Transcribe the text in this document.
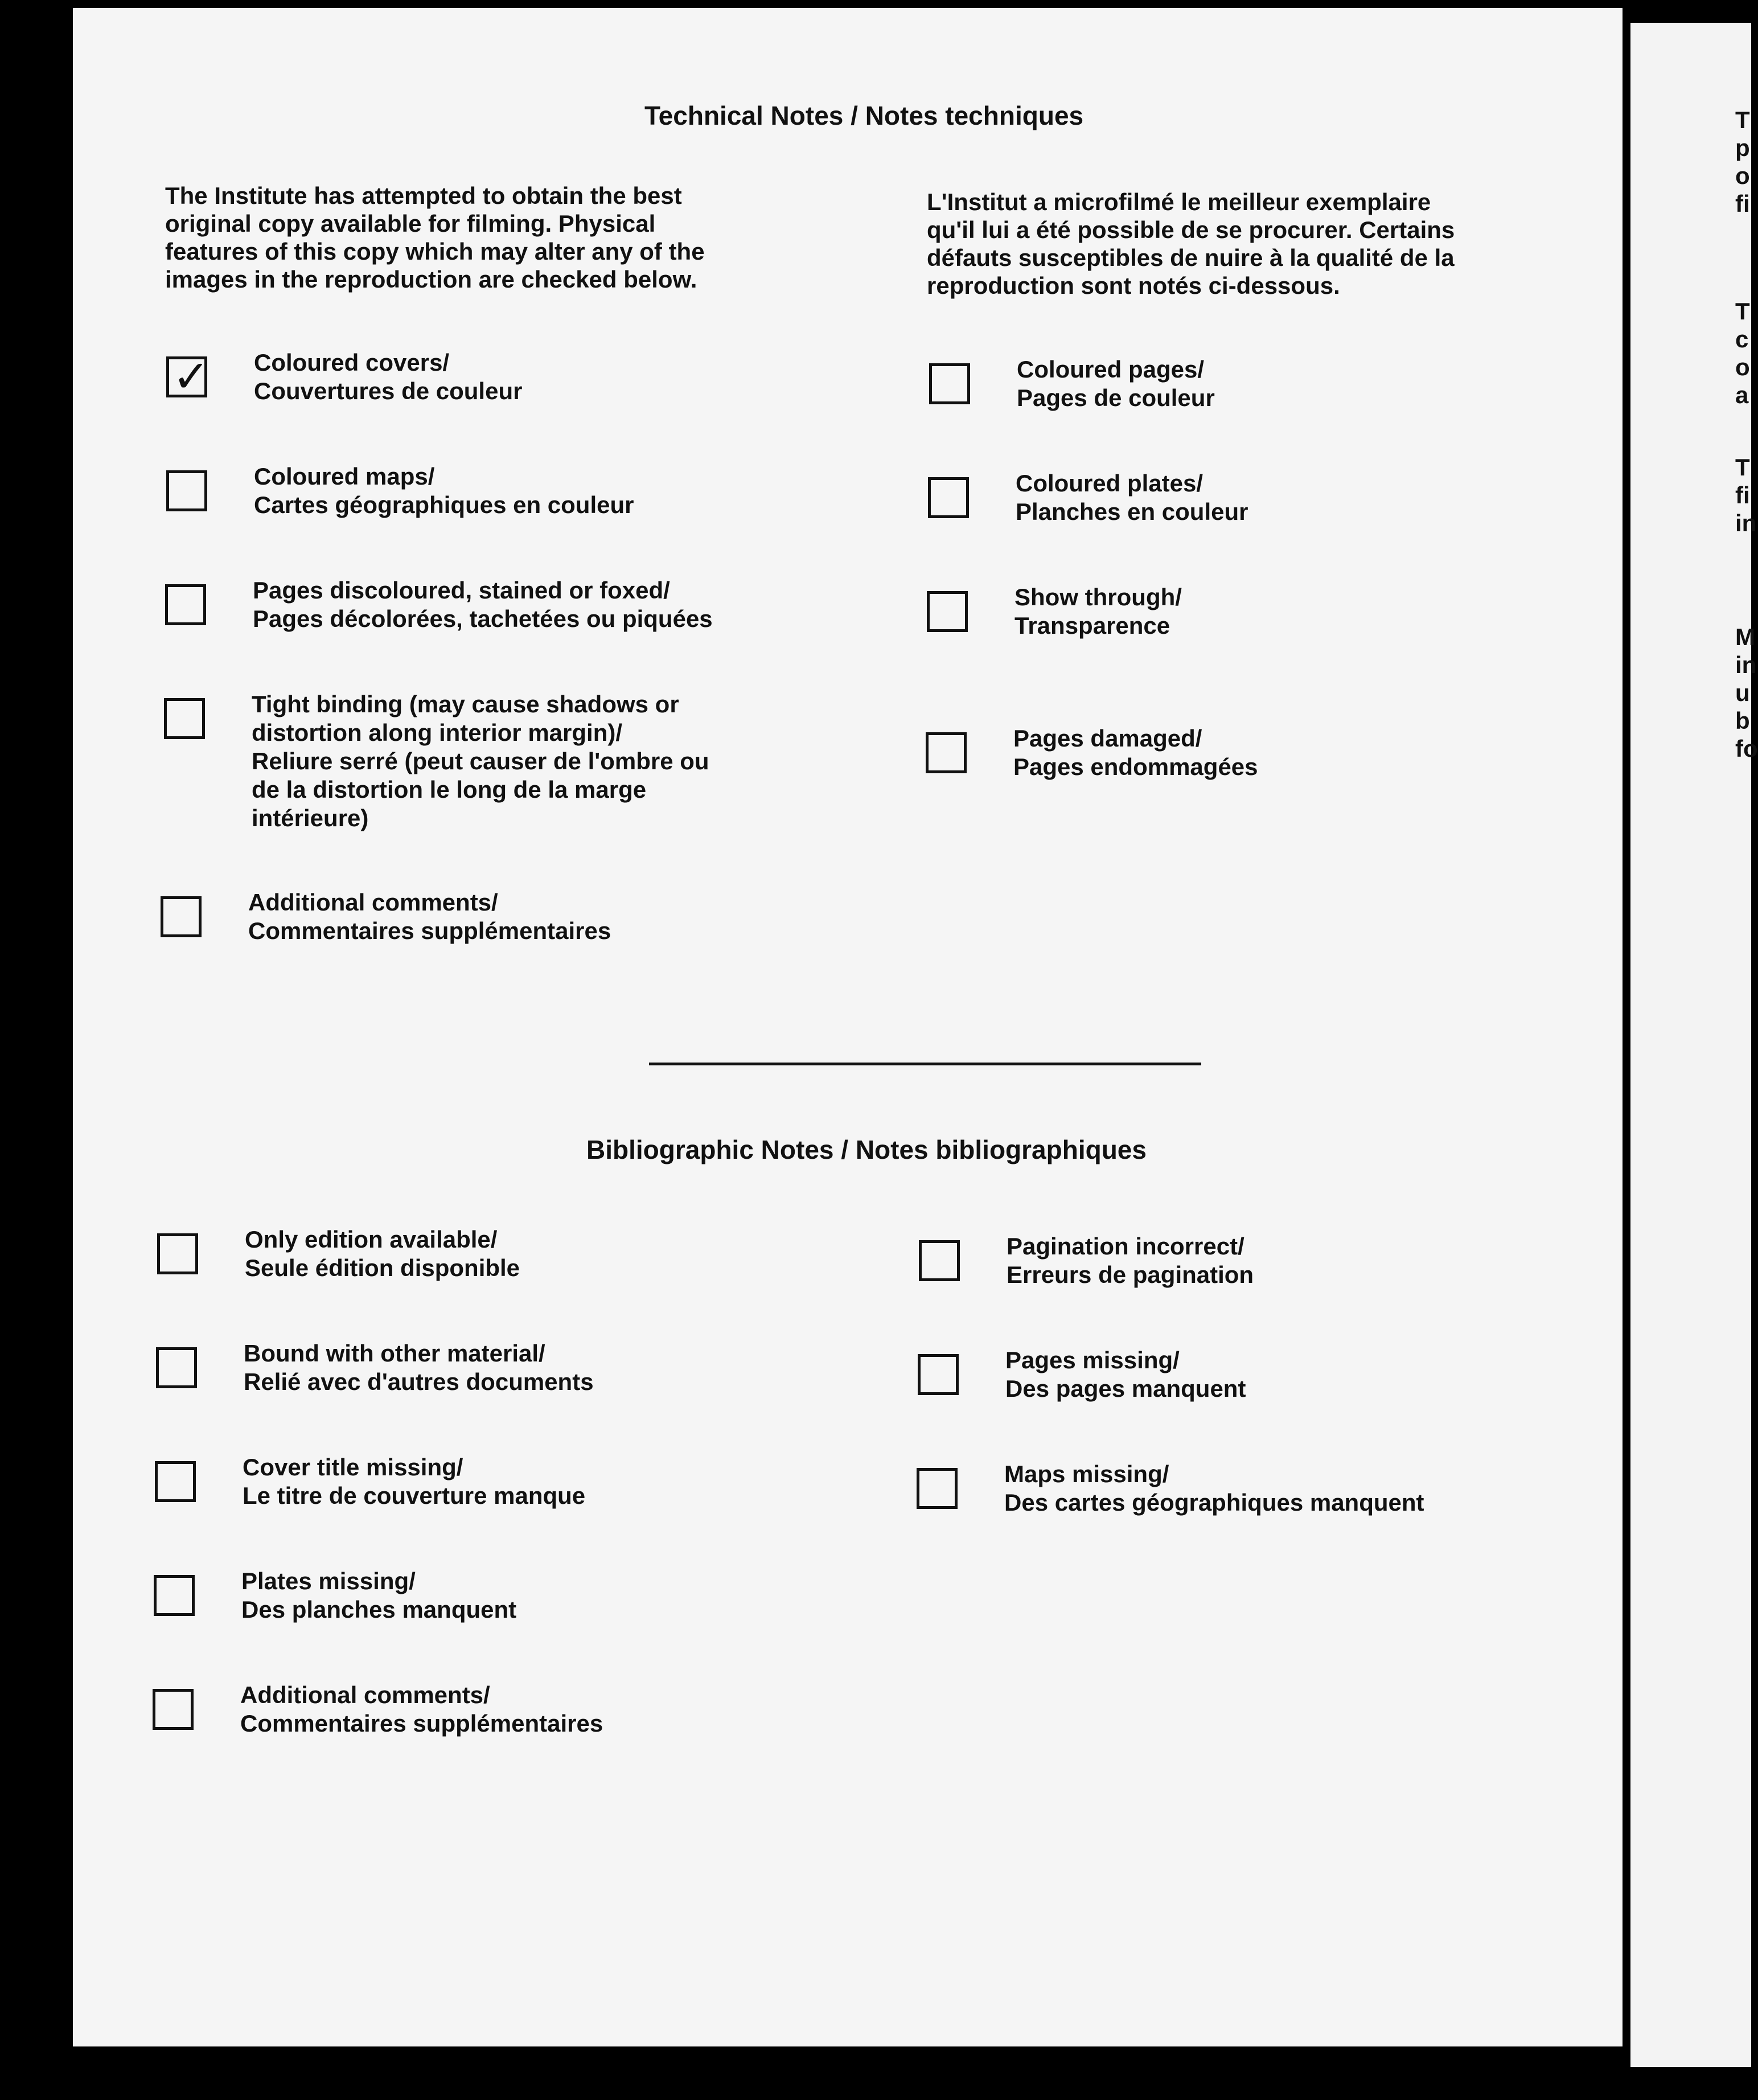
Technical Notes / Notes techniques

The Institute has attempted to obtain the best
original copy available for filming. Physical
features of this copy which may alter any of the
images in the reproduction are checked below.

L'Institut a microfilmé le meilleur exemplaire
qu'il lui a été possible de se procurer. Certains
défauts susceptibles de nuire à la qualité de la
reproduction sont notés ci-dessous.

✓ Coloured covers/
Couvertures de couleur
Coloured maps/
Cartes géographiques en couleur
Pages discoloured, stained or foxed/
Pages décolorées, tachetées ou piquées
Tight binding (may cause shadows or
distortion along interior margin)/
Reliure serré (peut causer de l'ombre ou
de la distortion le long de la marge
intérieure)
Additional comments/
Commentaires supplémentaires
Coloured pages/
Pages de couleur
Coloured plates/
Planches en couleur
Show through/
Transparence
Pages damaged/
Pages endommagées
Bibliographic Notes / Notes bibliographiques
Only edition available/
Seule édition disponible
Bound with other material/
Relié avec d'autres documents
Cover title missing/
Le titre de couverture manque
Plates missing/
Des planches manquent
Additional comments/
Commentaires supplémentaires
Pagination incorrect/
Erreurs de pagination
Pages missing/
Des pages manquent
Maps missing/
Des cartes géographiques manquent
T
p
o
fi
T
c
o
a
T
fi
in
M
in
u
b
fo
